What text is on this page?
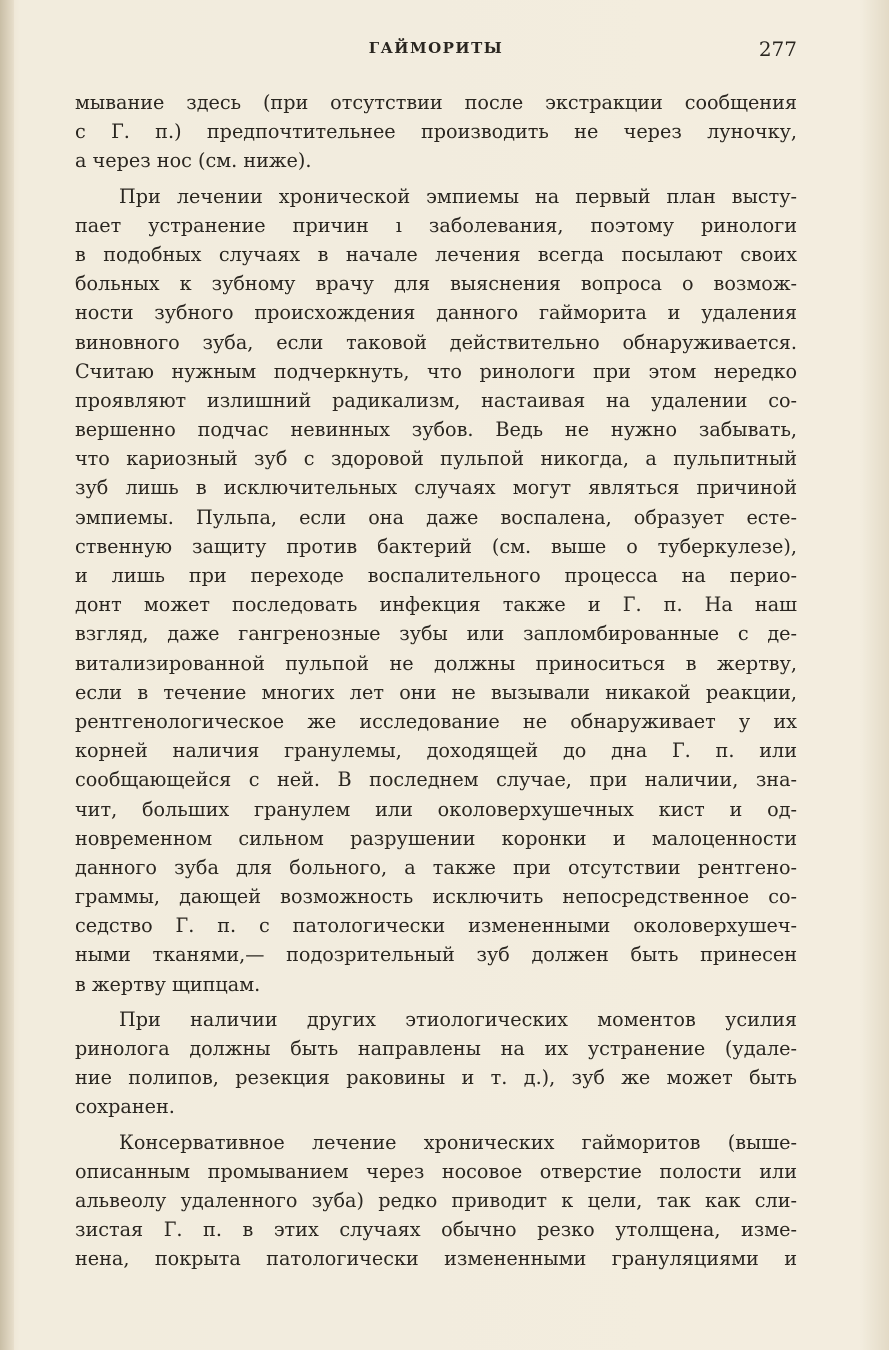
ГАЙМОРИТЫ	277
мывание здесь (при отсутствии после экстракции сообщения
с Г. п.) предпочтительнее производить не через луночку,
а через нос (см. ниже).
При лечении хронической эмпиемы на первый план высту-
пает устранение причин ı заболевания, поэтому ринологи
в подобных случаях в начале лечения всегда посылают своих
больных к зубному врачу для выяснения вопроса о возмож-
ности зубного происхождения данного гайморита и удаления
виновного зуба, если таковой действительно обнаруживается.
Считаю нужным подчеркнуть, что ринологи при этом нередко
проявляют излишний радикализм, настаивая на удалении со-
вершенно подчас невинных зубов. Ведь не нужно забывать,
что кариозный зуб с здоровой пульпой никогда, а пульпитный
зуб лишь в исключительных случаях могут являться причиной
эмпиемы. Пульпа, если она даже воспалена, образует есте-
ственную защиту против бактерий (см. выше о туберкулезе),
и лишь при переходе воспалительного процесса на перио-
донт может последовать инфекция также и Г. п. На наш
взгляд, даже гангренозные зубы или запломбированные с де-
витализированной пульпой не должны приноситься в жертву,
если в течение многих лет они не вызывали никакой реакции,
рентгенологическое же исследование не обнаруживает у их
корней наличия гранулемы, доходящей до дна Г. п. или
сообщающейся с ней. В последнем случае, при наличии, зна-
чит, больших гранулем или околоверхушечных кист и од-
новременном сильном разрушении коронки и малоценности
данного зуба для больного, а также при отсутствии рентгено-
граммы, дающей возможность исключить непосредственное со-
седство Г. п. с патологически измененными околоверхушеч-
ными тканями,— подозрительный зуб должен быть принесен
в жертву щипцам.
При наличии других этиологических моментов усилия
ринолога должны быть направлены на их устранение (удале-
ние полипов, резекция раковины и т. д.), зуб же может быть
сохранен.
Консервативное лечение хронических гайморитов (выше-
описанным промыванием через носовое отверстие полости или
альвеолу удаленного зуба) редко приводит к цели, так как сли-
зистая Г. п. в этих случаях обычно резко утолщена, изме-
нена, покрыта патологически измененными грануляциями и
